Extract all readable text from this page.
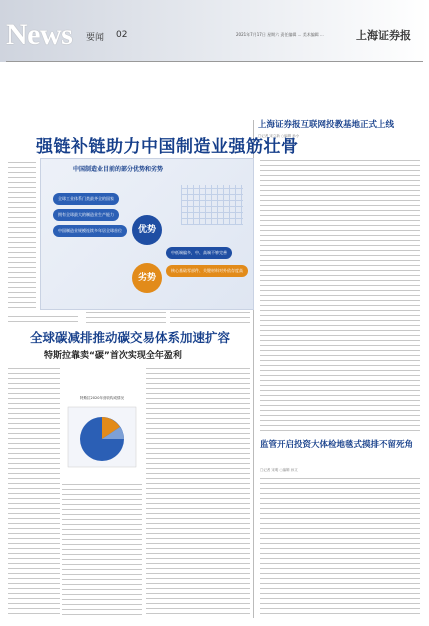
News 要闻 02	2021年7月17日 星期六 责任编辑 ... 美术编辑 ...	上海证券报
强链补链助力中国制造业强筋壮骨
中国制造业目前的部分优势和劣势
全球工业体系门类最齐全的国家
拥有全球最大的制造业生产能力
中国制造业规模连续多年居全球首位	优势
劣势
中低端偏多，中、高端不够完善
核心基础零部件、关键材料对外依存度高
上海证券报互联网投教基地正式上线
□记者 宋立新 ○编辑 孙小
监管开启投资大体检地毯式摸排不留死角
□记者 宋明 ○编辑 孙文
全球碳减排推动碳交易体系加速扩容
特斯拉靠卖“碳”首次实现全年盈利
特斯拉2020年营收构成情况
